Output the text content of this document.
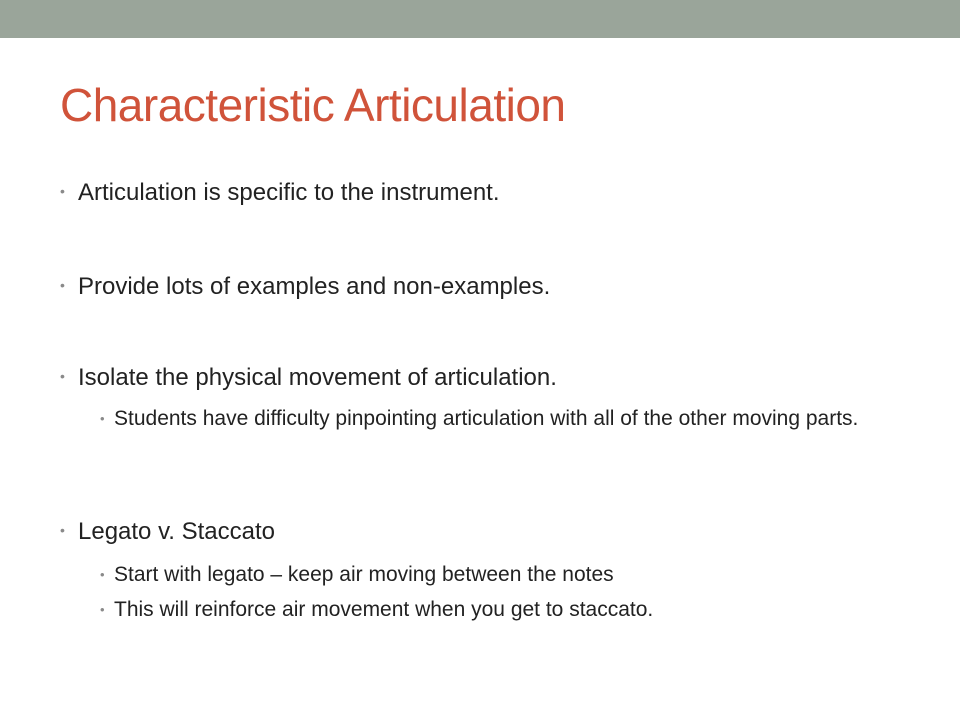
Characteristic Articulation
• Articulation is specific to the instrument.
• Provide lots of examples and non-examples.
• Isolate the physical movement of articulation.
• Students have difficulty pinpointing articulation with all of the other moving parts.
• Legato v. Staccato
• Start with legato – keep air moving between the notes
• This will reinforce air movement when you get to staccato.
